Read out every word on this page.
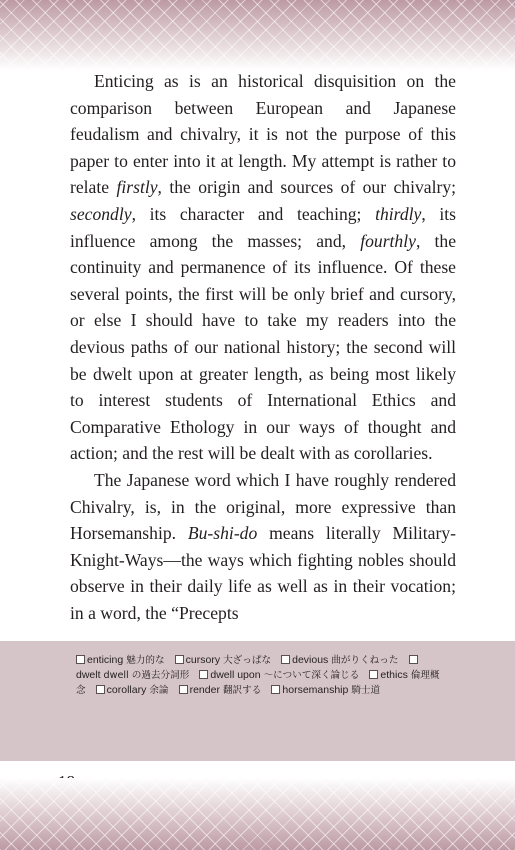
Enticing as is an historical disquisition on the comparison between European and Japanese feudalism and chivalry, it is not the purpose of this paper to enter into it at length. My attempt is rather to relate firstly, the origin and sources of our chivalry; secondly, its character and teaching; thirdly, its influence among the masses; and, fourthly, the continuity and permanence of its influence. Of these several points, the first will be only brief and cursory, or else I should have to take my readers into the devious paths of our national history; the second will be dwelt upon at greater length, as being most likely to interest students of International Ethics and Comparative Ethology in our ways of thought and action; and the rest will be dealt with as corollaries.

The Japanese word which I have roughly rendered Chivalry, is, in the original, more expressive than Horsemanship. Bu-shi-do means literally Military-Knight-Ways—the ways which fighting nobles should observe in their daily life as well as in their vocation; in a word, the “Precepts

enticing 魅力的な cursory 大ざっぱな devious 曲がりくねった dwelt dwell の過去分詞形 dwell upon ～について深く論じる ethics 倫理概念 corollary 余論 render 翻訳する horsemanship 騎士道
